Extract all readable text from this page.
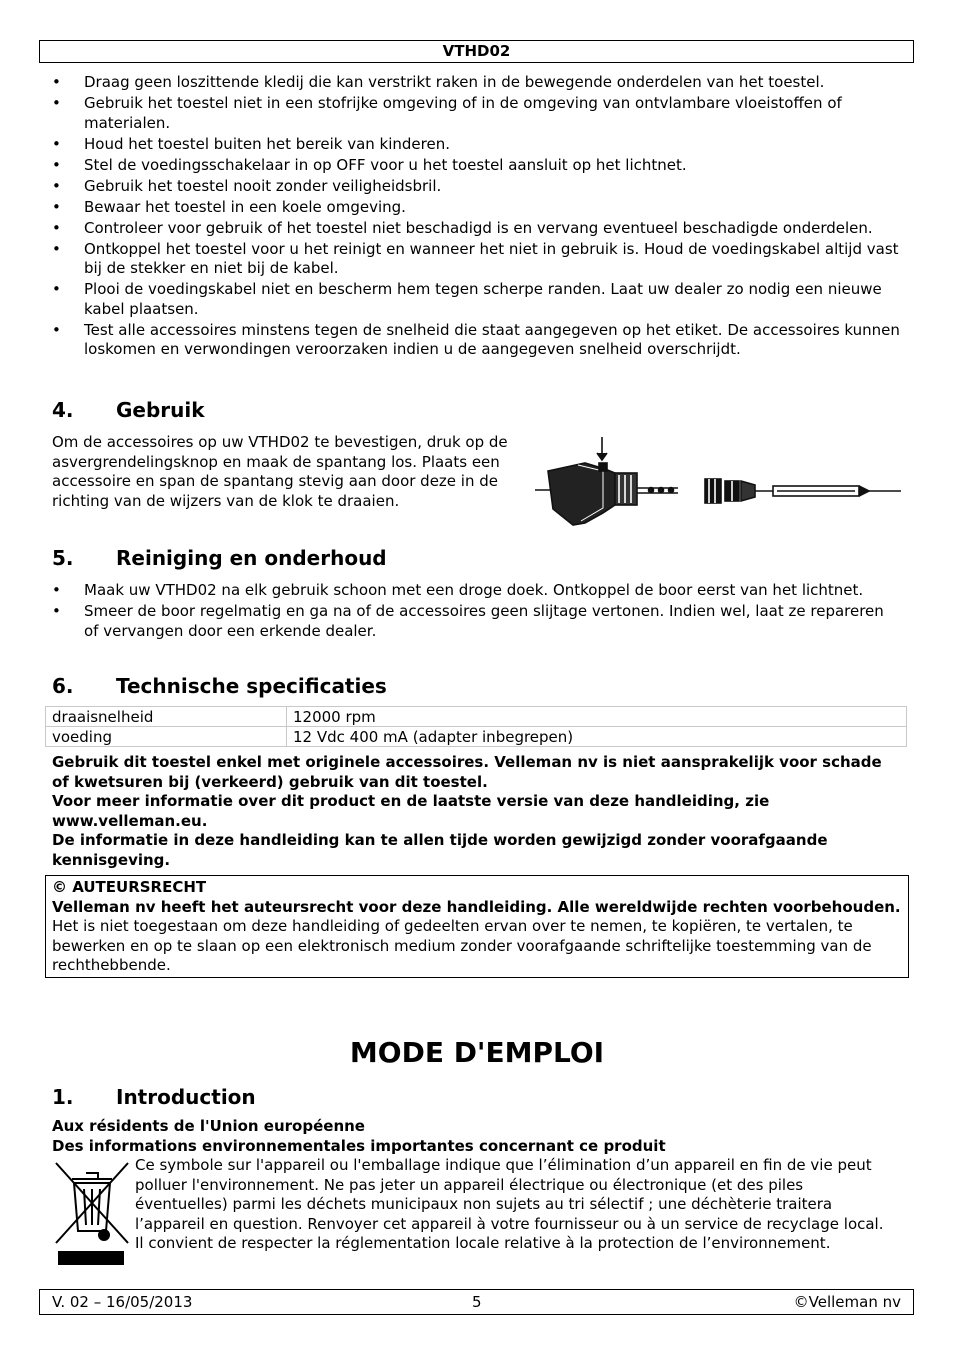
VTHD02
• Draag geen loszittende kledij die kan verstrikt raken in de bewegende onderdelen van het toestel.
• Gebruik het toestel niet in een stofrijke omgeving of in de omgeving van ontvlambare vloeistoffen of materialen.
• Houd het toestel buiten het bereik van kinderen.
• Stel de voedingsschakelaar in op OFF voor u het toestel aansluit op het lichtnet.
• Gebruik het toestel nooit zonder veiligheidsbril.
• Bewaar het toestel in een koele omgeving.
• Controleer voor gebruik of het toestel niet beschadigd is en vervang eventueel beschadigde onderdelen.
• Ontkoppel het toestel voor u het reinigt en wanneer het niet in gebruik is. Houd de voedingskabel altijd vast bij de stekker en niet bij de kabel.
• Plooi de voedingskabel niet en bescherm hem tegen scherpe randen. Laat uw dealer zo nodig een nieuwe kabel plaatsen.
• Test alle accessoires minstens tegen de snelheid die staat aangegeven op het etiket. De accessoires kunnen loskomen en verwondingen veroorzaken indien u de aangegeven snelheid overschrijdt.
4. Gebruik
Om de accessoires op uw VTHD02 te bevestigen, druk op de asvergrendelingsknop en maak de spantang los. Plaats een accessoire en span de spantang stevig aan door deze in de richting van de wijzers van de klok te draaien.
5. Reiniging en onderhoud
• Maak uw VTHD02 na elk gebruik schoon met een droge doek. Ontkoppel de boor eerst van het lichtnet.
• Smeer de boor regelmatig en ga na of de accessoires geen slijtage vertonen. Indien wel, laat ze repareren of vervangen door een erkende dealer.
6. Technische specificaties
draaisnelheid	12000 rpm
voeding	12 Vdc 400 mA (adapter inbegrepen)
Gebruik dit toestel enkel met originele accessoires. Velleman nv is niet aansprakelijk voor schade of kwetsuren bij (verkeerd) gebruik van dit toestel.
Voor meer informatie over dit product en de laatste versie van deze handleiding, zie www.velleman.eu.
De informatie in deze handleiding kan te allen tijde worden gewijzigd zonder voorafgaande kennisgeving.
© AUTEURSRECHT
Velleman nv heeft het auteursrecht voor deze handleiding. Alle wereldwijde rechten voorbehouden. Het is niet toegestaan om deze handleiding of gedeelten ervan over te nemen, te kopiëren, te vertalen, te bewerken en op te slaan op een elektronisch medium zonder voorafgaande schriftelijke toestemming van de rechthebbende.
MODE D'EMPLOI
1. Introduction
Aux résidents de l'Union européenne
Des informations environnementales importantes concernant ce produit
Ce symbole sur l'appareil ou l'emballage indique que l’élimination d’un appareil en fin de vie peut polluer l'environnement. Ne pas jeter un appareil électrique ou électronique (et des piles éventuelles) parmi les déchets municipaux non sujets au tri sélectif ; une déchèterie traitera l’appareil en question. Renvoyer cet appareil à votre fournisseur ou à un service de recyclage local. Il convient de respecter la réglementation locale relative à la protection de l’environnement.
V. 02 – 16/05/2013	5	©Velleman nv
